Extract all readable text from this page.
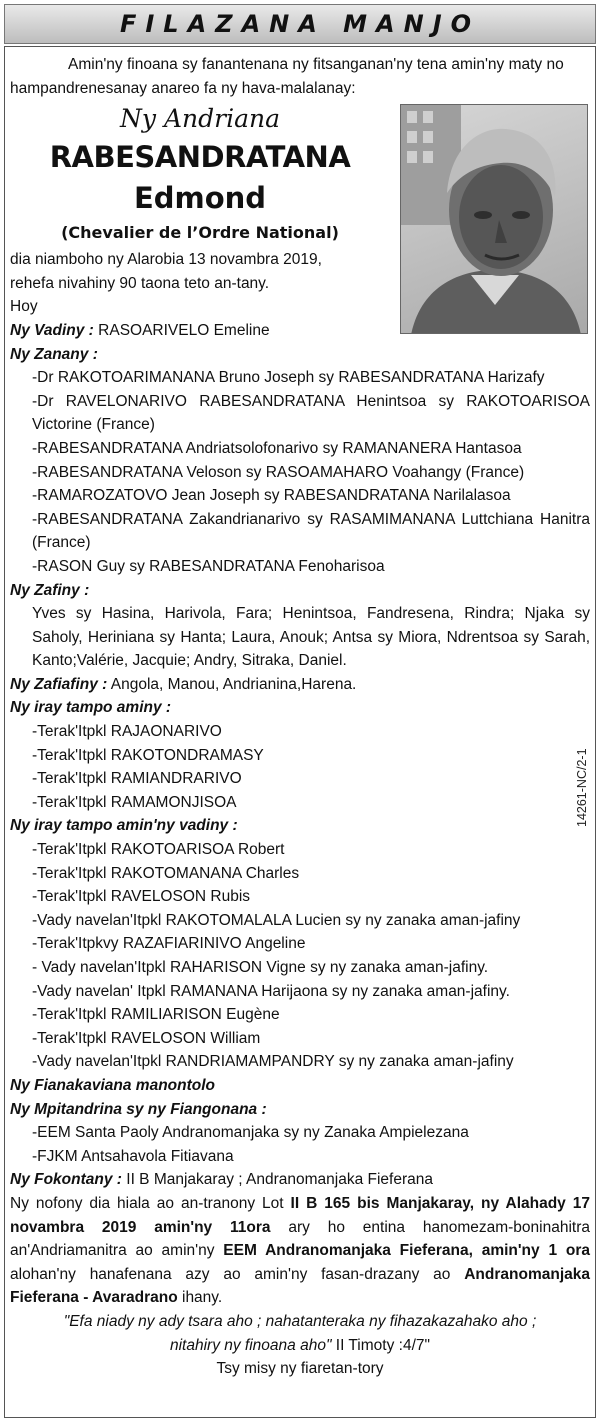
FILAZANA MANJO

Amin'ny finoana sy fanantenana ny fitsanganan'ny tena amin'ny maty no hampandrenesanay anareo fa ny hava-malalanay:

Ny Andriana
RABESANDRATANA
Edmond
(Chevalier de l’Ordre National)

dia niamboho ny Alarobia 13 novambra 2019,

rehefa nivahiny 90 taona teto an-tany.

Hoy

Ny Vadiny : RASOARIVELO Emeline

Ny Zanany :

-Dr RAKOTOARIMANANA Bruno Joseph sy RABESANDRATANA Harizafy

-Dr RAVELONARIVO RABESANDRATANA Henintsoa sy RAKOTOARISOA Victorine (France)

-RABESANDRATANA Andriatsolofonarivo sy RAMANANERA Hantasoa

-RABESANDRATANA Veloson sy RASOAMAHARO Voahangy (France)

-RAMAROZATOVO Jean Joseph sy RABESANDRATANA Narilalasoa

-RABESANDRATANA Zakandrianarivo sy RASAMIMANANA Luttchiana Hanitra (France)

-RASON Guy sy RABESANDRATANA Fenoharisoa

Ny Zafiny :

Yves sy Hasina, Harivola, Fara; Henintsoa, Fandresena, Rindra; Njaka sy Saholy, Heriniana sy Hanta; Laura, Anouk; Antsa sy Miora, Ndrentsoa sy Sarah, Kanto;Valérie, Jacquie; Andry, Sitraka, Daniel.

Ny Zafiafiny : Angola, Manou, Andrianina,Harena.

Ny iray tampo aminy :

-Terak'Itpkl RAJAONARIVO

-Terak'Itpkl RAKOTONDRAMASY

-Terak'Itpkl RAMIANDRARIVO

-Terak'Itpkl RAMAMONJISOA

Ny iray tampo amin'ny vadiny :

-Terak'Itpkl RAKOTOARISOA Robert

-Terak'Itpkl RAKOTOMANANA Charles

-Terak'Itpkl RAVELOSON Rubis

-Vady navelan'Itpkl RAKOTOMALALA Lucien sy ny zanaka aman-jafiny

-Terak'Itpkvy RAZAFIARINIVO Angeline

- Vady navelan'Itpkl RAHARISON Vigne sy ny zanaka aman-jafiny.

-Vady navelan' Itpkl RAMANANA Harijaona sy ny zanaka aman-jafiny.

-Terak'Itpkl RAMILIARISON Eugène

-Terak'Itpkl RAVELOSON William

-Vady navelan'Itpkl RANDRIAMAMPANDRY sy ny zanaka aman-jafiny

Ny Fianakaviana manontolo

Ny Mpitandrina sy ny Fiangonana :

-EEM Santa Paoly Andranomanjaka sy ny Zanaka Ampielezana

-FJKM Antsahavola Fitiavana

Ny Fokontany : II B Manjakaray ; Andranomanjaka Fieferana

Ny nofony dia hiala ao an-tranony Lot II B 165 bis Manjakaray, ny Alahady 17 novambra 2019 amin'ny 11ora ary ho entina hanomezam-boninahitra an'Andriamanitra ao amin'ny EEM Andranomanjaka Fieferana, amin'ny 1 ora alohan'ny hanafenana azy ao amin'ny fasan-drazany ao Andranomanjaka Fieferana - Avaradrano ihany.

"Efa niady ny ady tsara aho ; nahatanteraka ny fihazakazahako aho ;

nitahiry ny finoana aho" II Timoty :4/7"

Tsy misy ny fiaretan-tory

14261-NC/2-1
